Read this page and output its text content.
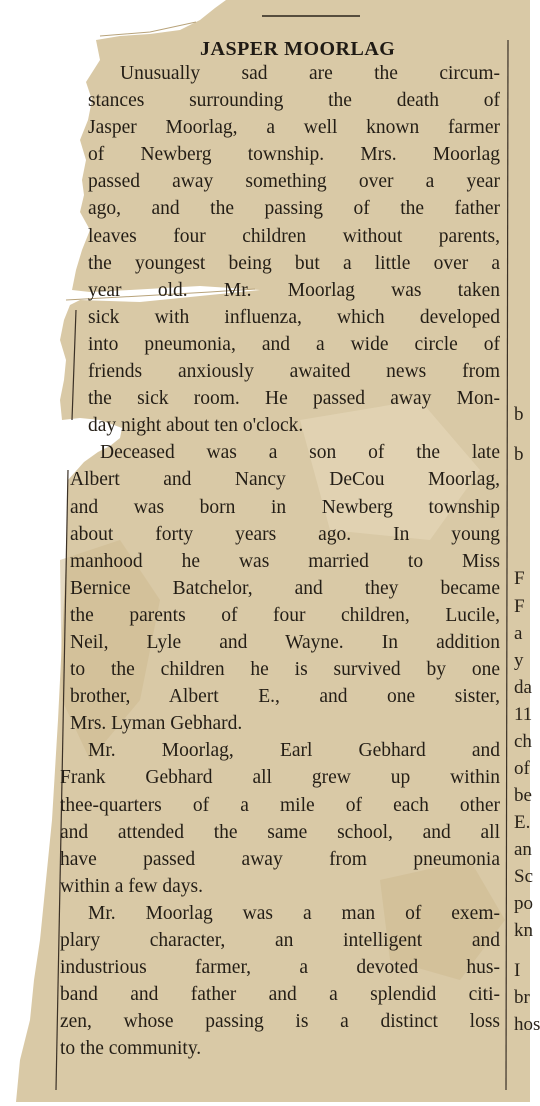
JASPER MOORLAG

Unusually sad are the circum-
stances surrounding the death of
Jasper Moorlag, a well known farmer
of Newberg township. Mrs. Moorlag
passed away something over a year
ago, and the passing of the father
leaves four children without parents,
the youngest being but a little over a
year old. Mr. Moorlag was taken
sick with influenza, which developed
into pneumonia, and a wide circle of
friends anxiously awaited news from
the sick room. He passed away Mon-
day night about ten o'clock.

Deceased was a son of the late
Albert and Nancy DeCou Moorlag,
and was born in Newberg township
about forty years ago. In young
manhood he was married to Miss
Bernice Batchelor, and they became
the parents of four children, Lucile,
Neil, Lyle and Wayne. In addition
to the children he is survived by one
brother, Albert E., and one sister,
Mrs. Lyman Gebhard.

Mr. Moorlag, Earl Gebhard and
Frank Gebhard all grew up within
thee-quarters of a mile of each other
and attended the same school, and all
have passed away from pneumonia
within a few days.

Mr. Moorlag was a man of exem-
plary character, an intelligent and
industrious farmer, a devoted hus-
band and father and a splendid citi-
zen, whose passing is a distinct loss
to the community.

b
b
F
F
a
y
da
11
ch
of
be
E.
an
Sc
po
kn
I
br
hos
